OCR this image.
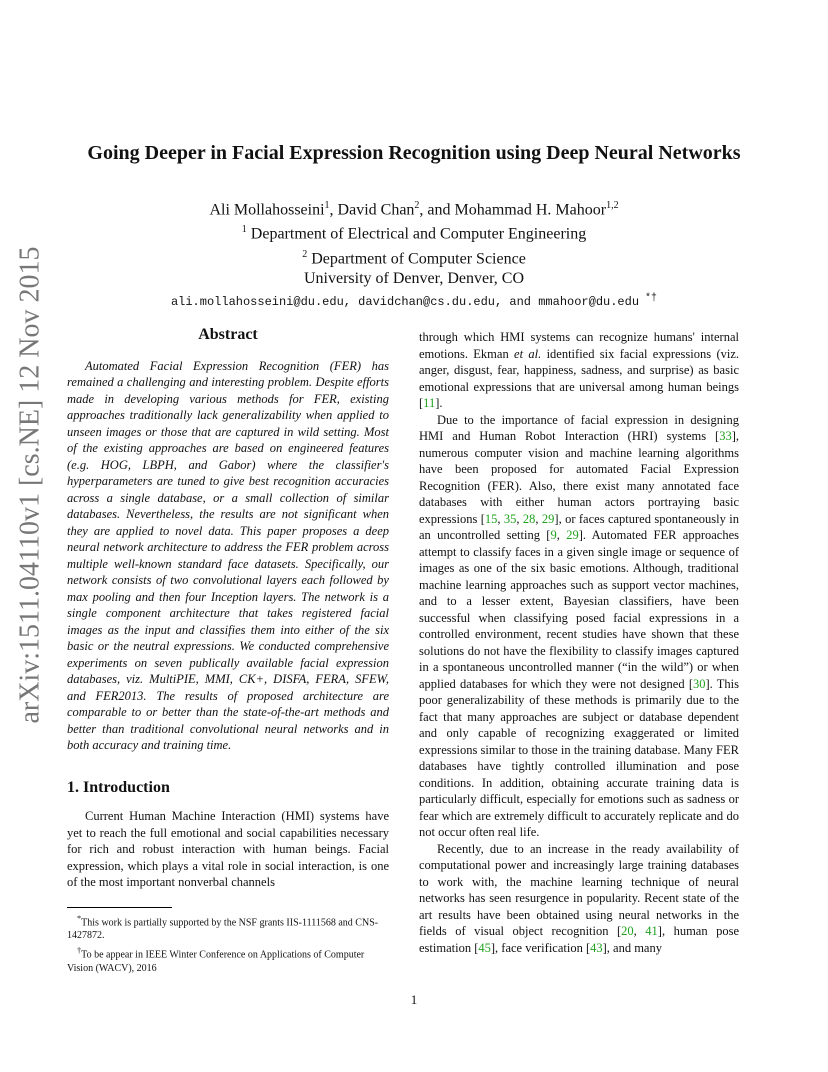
arXiv:1511.04110v1 [cs.NE] 12 Nov 2015
Going Deeper in Facial Expression Recognition using Deep Neural Networks
Ali Mollahosseini$^1$, David Chan$^2$, and Mohammad H. Mahoor$^{1,2}$
$^1$ Department of Electrical and Computer Engineering
$^2$ Department of Computer Science
University of Denver, Denver, CO
ali.mollahosseini@du.edu, davidchan@cs.du.edu, and mmahoor@du.edu *†
Abstract

Automated Facial Expression Recognition (FER) has remained a challenging and interesting problem. Despite efforts made in developing various methods for FER, existing approaches traditionally lack generalizability when applied to unseen images or those that are captured in wild setting. Most of the existing approaches are based on engineered features (e.g. HOG, LBPH, and Gabor) where the classifier's hyperparameters are tuned to give best recognition accuracies across a single database, or a small collection of similar databases. Nevertheless, the results are not significant when they are applied to novel data. This paper proposes a deep neural network architecture to address the FER problem across multiple well-known standard face datasets. Specifically, our network consists of two convolutional layers each followed by max pooling and then four Inception layers. The network is a single component architecture that takes registered facial images as the input and classifies them into either of the six basic or the neutral expressions. We conducted comprehensive experiments on seven publically available facial expression databases, viz. MultiPIE, MMI, CK+, DISFA, FERA, SFEW, and FER2013. The results of proposed architecture are comparable to or better than the state-of-the-art methods and better than traditional convolutional neural networks and in both accuracy and training time.

1. Introduction

Current Human Machine Interaction (HMI) systems have yet to reach the full emotional and social capabilities necessary for rich and robust interaction with human beings. Facial expression, which plays a vital role in social interaction, is one of the most important nonverbal channels

*This work is partially supported by the NSF grants IIS-1111568 and CNS-1427872.

†To be appear in IEEE Winter Conference on Applications of Computer Vision (WACV), 2016

through which HMI systems can recognize humans' internal emotions. Ekman et al. identified six facial expressions (viz. anger, disgust, fear, happiness, sadness, and surprise) as basic emotional expressions that are universal among human beings [11].

Due to the importance of facial expression in designing HMI and Human Robot Interaction (HRI) systems [33], numerous computer vision and machine learning algorithms have been proposed for automated Facial Expression Recognition (FER). Also, there exist many annotated face databases with either human actors portraying basic expressions [15, 35, 28, 29], or faces captured spontaneously in an uncontrolled setting [9, 29]. Automated FER approaches attempt to classify faces in a given single image or sequence of images as one of the six basic emotions. Although, traditional machine learning approaches such as support vector machines, and to a lesser extent, Bayesian classifiers, have been successful when classifying posed facial expressions in a controlled environment, recent studies have shown that these solutions do not have the flexibility to classify images captured in a spontaneous uncontrolled manner (“in the wild”) or when applied databases for which they were not designed [30]. This poor generalizability of these methods is primarily due to the fact that many approaches are subject or database dependent and only capable of recognizing exaggerated or limited expressions similar to those in the training database. Many FER databases have tightly controlled illumination and pose conditions. In addition, obtaining accurate training data is particularly difficult, especially for emotions such as sadness or fear which are extremely difficult to accurately replicate and do not occur often real life.

Recently, due to an increase in the ready availability of computational power and increasingly large training databases to work with, the machine learning technique of neural networks has seen resurgence in popularity. Recent state of the art results have been obtained using neural networks in the fields of visual object recognition [20, 41], human pose estimation [45], face verification [43], and many

1
